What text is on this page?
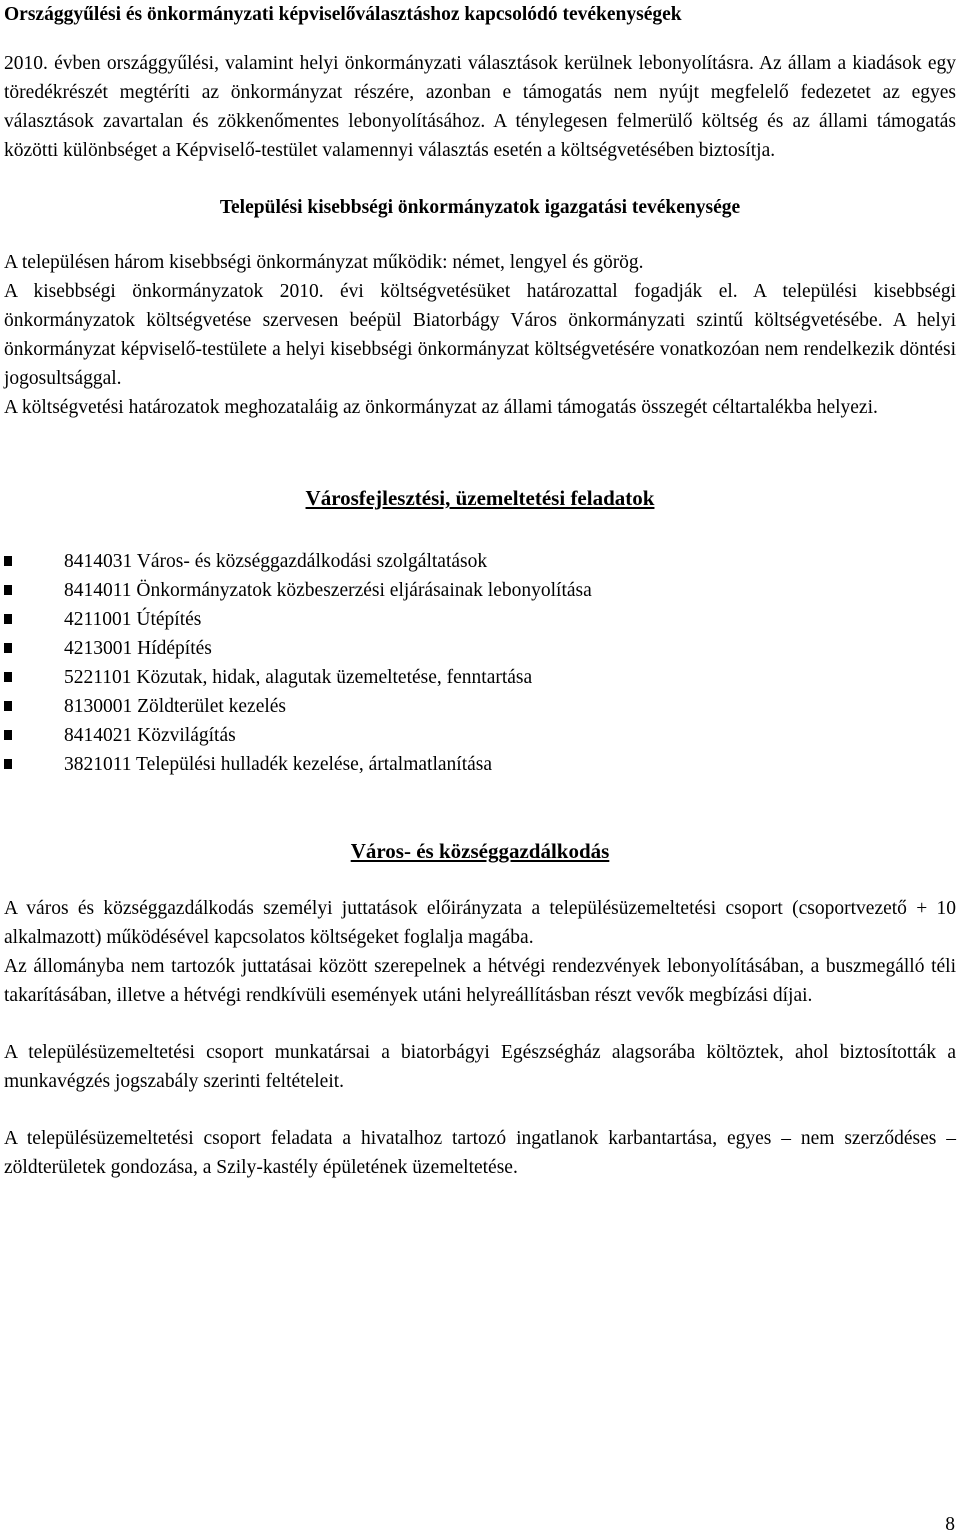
Országgyűlési és önkormányzati képviselőválasztáshoz kapcsolódó tevékenységek

2010. évben országgyűlési, valamint helyi önkormányzati választások kerülnek lebonyolításra. Az állam a kiadások egy töredékrészét megtéríti az önkormányzat részére, azonban e támogatás nem nyújt megfelelő fedezetet az egyes választások zavartalan és zökkenőmentes lebonyolításához. A ténylegesen felmerülő költség és az állami támogatás közötti különbséget a Képviselő-testület valamennyi választás esetén a költségvetésében biztosítja.

Települési kisebbségi önkormányzatok igazgatási tevékenysége

A településen három kisebbségi önkormányzat működik: német, lengyel és görög.

A kisebbségi önkormányzatok 2010. évi költségvetésüket határozattal fogadják el. A települési kisebbségi önkormányzatok költségvetése szervesen beépül Biatorbágy Város önkormányzati szintű költségvetésébe. A helyi önkormányzat képviselő-testülete a helyi kisebbségi önkormányzat költségvetésére vonatkozóan nem rendelkezik döntési jogosultsággal.

A költségvetési határozatok meghozataláig az önkormányzat az állami támogatás összegét céltartalékba helyezi.

Városfejlesztési, üzemeltetési feladatok

8414031 Város- és községgazdálkodási szolgáltatások
8414011 Önkormányzatok közbeszerzési eljárásainak lebonyolítása
4211001 Útépítés
4213001 Hídépítés
5221101 Közutak, hidak, alagutak üzemeltetése, fenntartása
8130001 Zöldterület kezelés
8414021 Közvilágítás
3821011 Települési hulladék kezelése, ártalmatlanítása

Város- és községgazdálkodás

A város és községgazdálkodás személyi juttatások előirányzata a településüzemeltetési csoport (csoportvezető + 10 alkalmazott) működésével kapcsolatos költségeket foglalja magába.

Az állományba nem tartozók juttatásai között szerepelnek a hétvégi rendezvények lebonyolításában, a buszmegálló téli takarításában, illetve a hétvégi rendkívüli események utáni helyreállításban részt vevők megbízási díjai.

A településüzemeltetési csoport munkatársai a biatorbágyi Egészségház alagsorába költöztek, ahol biztosították a munkavégzés jogszabály szerinti feltételeit.

A településüzemeltetési csoport feladata a hivatalhoz tartozó ingatlanok karbantartása, egyes – nem szerződéses – zöldterületek gondozása, a Szily-kastély épületének üzemeltetése.

8
